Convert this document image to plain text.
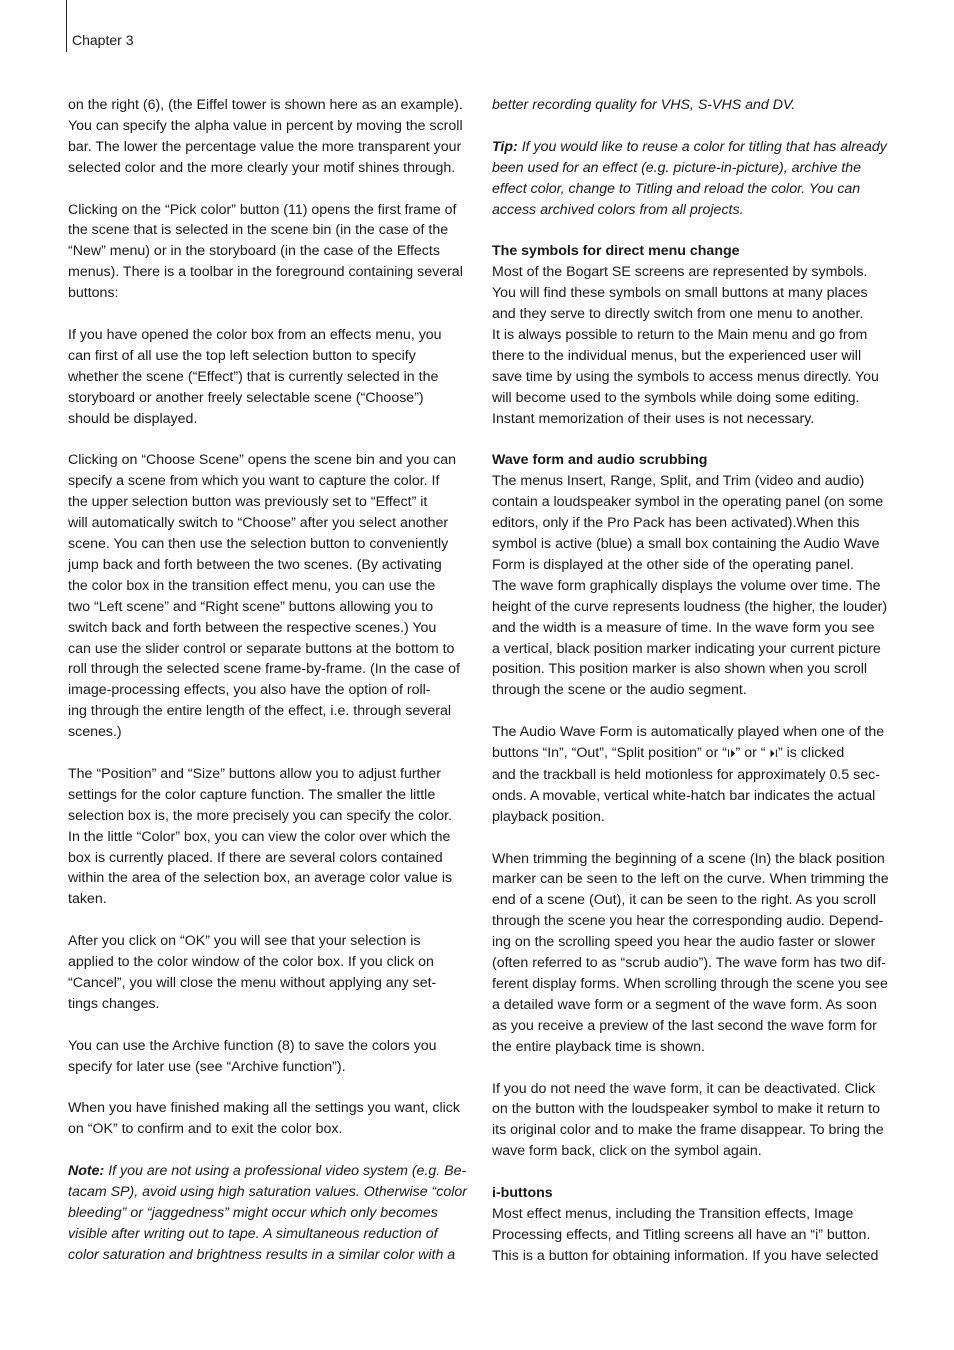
Chapter 3

on the right (6), (the Eiffel tower is shown here as an example).
You can specify the alpha value in percent by moving the scroll
bar. The lower the percentage value the more transparent your
selected color and the more clearly your motif shines through.

Clicking on the “Pick color” button (11) opens the first frame of
the scene that is selected in the scene bin (in the case of the
“New” menu) or in the storyboard (in the case of the Effects
menus). There is a toolbar in the foreground containing several
buttons:

If you have opened the color box from an effects menu, you
can first of all use the top left selection button to specify
whether the scene (“Effect”) that is currently selected in the
storyboard or another freely selectable scene (“Choose”)
should be displayed.

Clicking on “Choose Scene” opens the scene bin and you can
specify a scene from which you want to capture the color. If
the upper selection button was previously set to “Effect” it
will automatically switch to “Choose” after you select another
scene. You can then use the selection button to conveniently
jump back and forth between the two scenes. (By activating
the color box in the transition effect menu, you can use the
two “Left scene” and “Right scene” buttons allowing you to
switch back and forth between the respective scenes.) You
can use the slider control or separate buttons at the bottom to
roll through the selected scene frame-by-frame. (In the case of
image-processing effects, you also have the option of roll-
ing through the entire length of the effect, i.e. through several
scenes.)

The “Position” and “Size” buttons allow you to adjust further
settings for the color capture function. The smaller the little
selection box is, the more precisely you can specify the color.
In the little “Color” box, you can view the color over which the
box is currently placed. If there are several colors contained
within the area of the selection box, an average color value is
taken.

After you click on “OK” you will see that your selection is
applied to the color window of the color box. If you click on
“Cancel”, you will close the menu without applying any set-
tings changes.

You can use the Archive function (8) to save the colors you
specify for later use (see “Archive function”).

When you have finished making all the settings you want, click
on “OK” to confirm and to exit the color box.

Note: If you are not using a professional video system (e.g. Be-
tacam SP), avoid using high saturation values. Otherwise “color
bleeding” or “jaggedness” might occur which only becomes
visible after writing out to tape. A simultaneous reduction of
color saturation and brightness results in a similar color with a

better recording quality for VHS, S-VHS and DV.

Tip: If you would like to reuse a color for titling that has already
been used for an effect (e.g. picture-in-picture), archive the
effect color, change to Titling and reload the color. You can
access archived colors from all projects.

The symbols for direct menu change
Most of the Bogart SE screens are represented by symbols.
You will find these symbols on small buttons at many places
and they serve to directly switch from one menu to another.
It is always possible to return to the Main menu and go from
there to the individual menus, but the experienced user will
save time by using the symbols to access menus directly. You
will become used to the symbols while doing some editing.
Instant memorization of their uses is not necessary.

Wave form and audio scrubbing
The menus Insert, Range, Split, and Trim (video and audio)
contain a loudspeaker symbol in the operating panel (on some
editors, only if the Pro Pack has been activated).When this
symbol is active (blue) a small box containing the Audio Wave
Form is displayed at the other side of the operating panel.
The wave form graphically displays the volume over time. The
height of the curve represents loudness (the higher, the louder)
and the width is a measure of time. In the wave form you see
a vertical, black position marker indicating your current picture
position. This position marker is also shown when you scroll
through the scene or the audio segment.

The Audio Wave Form is automatically played when one of the
buttons “In”, “Out”, “Split position” or “I⏵” or “ ⏵I” is clicked
and the trackball is held motionless for approximately 0.5 sec-
onds. A movable, vertical white-hatch bar indicates the actual
playback position.

When trimming the beginning of a scene (In) the black position
marker can be seen to the left on the curve. When trimming the
end of a scene (Out), it can be seen to the right. As you scroll
through the scene you hear the corresponding audio. Depend-
ing on the scrolling speed you hear the audio faster or slower
(often referred to as “scrub audio”). The wave form has two dif-
ferent display forms. When scrolling through the scene you see
a detailed wave form or a segment of the wave form. As soon
as you receive a preview of the last second the wave form for
the entire playback time is shown.

If you do not need the wave form, it can be deactivated. Click
on the button with the loudspeaker symbol to make it return to
its original color and to make the frame disappear. To bring the
wave form back, click on the symbol again.

i-buttons
Most effect menus, including the Transition effects, Image
Processing effects, and Titling screens all have an “i” button.
This is a button for obtaining information. If you have selected
